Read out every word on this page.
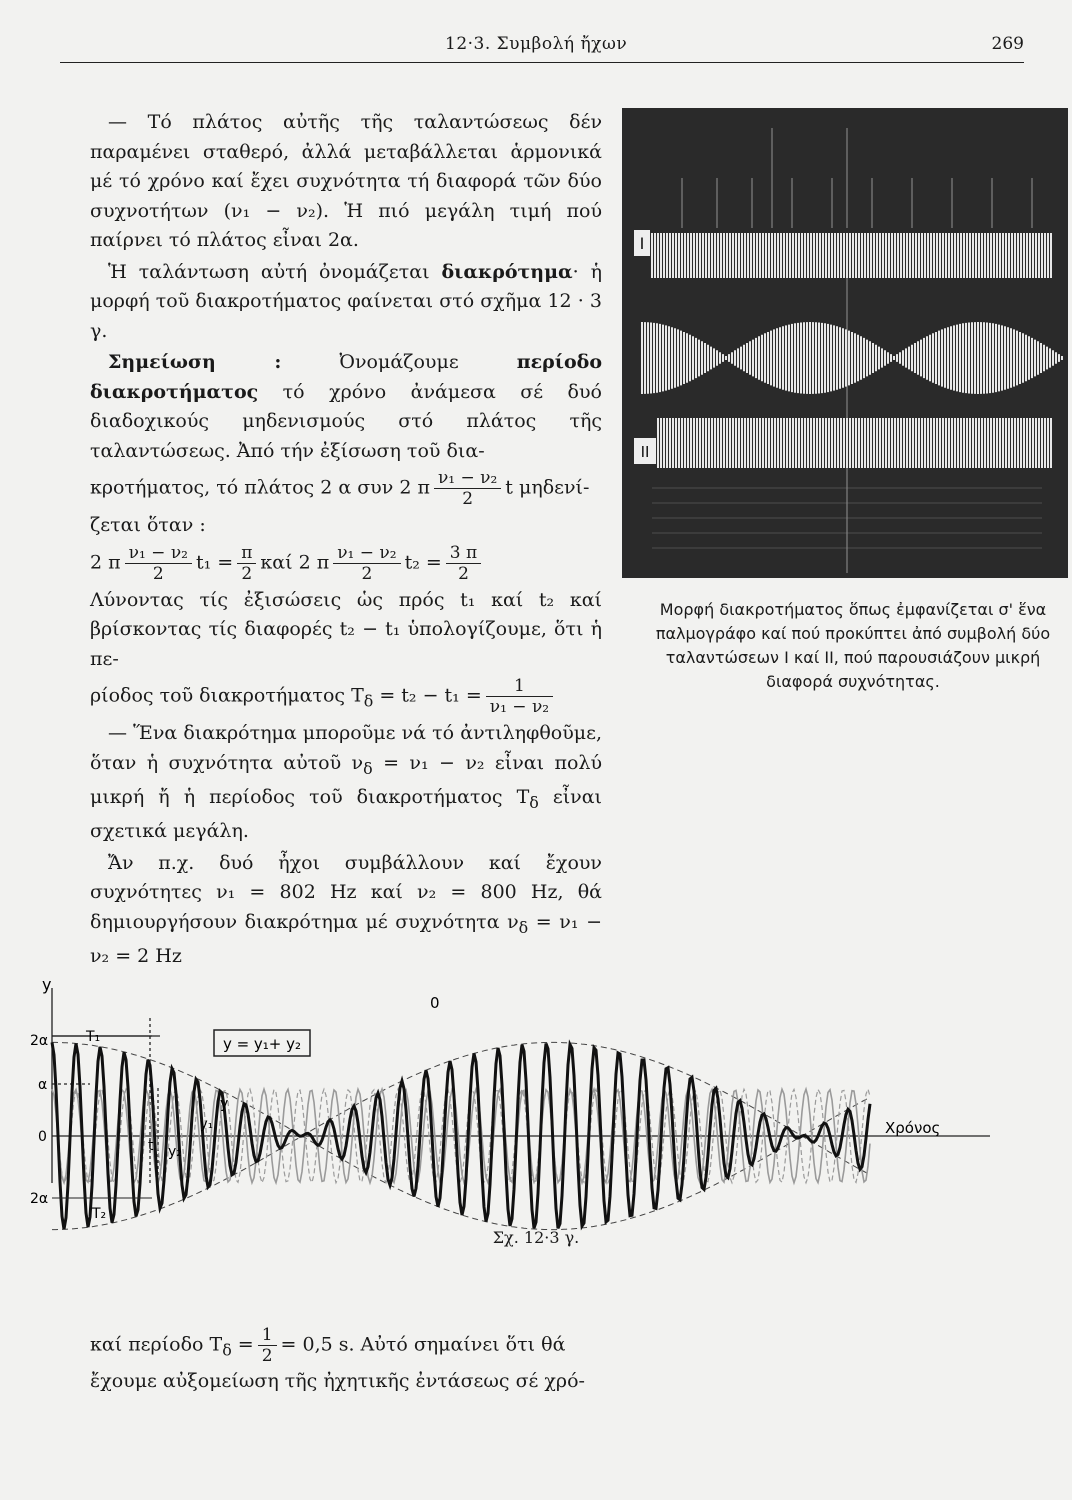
12·3. Συμβολή ἤχων	269

— Τό πλάτος αὐτῆς τῆς ταλαντώσεως δέν παραμένει σταθερό, ἀλλά μεταβάλλεται ἁρμονικά μέ τό χρόνο καί ἔχει συχνότητα τή διαφορά τῶν δύο συχνοτήτων (ν₁ − ν₂). Ἡ πιό μεγάλη τιμή πού παίρνει τό πλάτος εἶναι 2α.

Ἡ ταλάντωση αὐτή ὀνομάζεται διακρότημα· ἡ μορφή τοῦ διακροτήματος φαίνεται στό σχῆμα 12 · 3 γ.

Σημείωση : Ὀνομάζουμε περίοδο διακροτήματος τό χρόνο ἀνάμεσα σέ δυό διαδοχικούς μηδενισμούς στό πλάτος τῆς ταλαντώσεως. Ἀπό τήν ἐξίσωση τοῦ δια-

κροτήματος, τό πλάτος 2 α συν 2 π $\frac{\text{ν₁ − ν₂}}{2}$ t μηδενί-

ζεται ὅταν :

2 π $\frac{\text{ν₁ − ν₂}}{2} t_1 = \frac{\pi}{2}$ καί 2 π $\frac{\text{ν₁ − ν₂}}{2} t_2 = \frac{3 \pi}{2}$

Λύνοντας τίς ἐξισώσεις ὡς πρός t₁ καί t₂ καί βρίσκοντας τίς διαφορές t₂ − t₁ ὑπολογίζουμε, ὅτι ἡ πε-

ρίοδος τοῦ διακροτήματος $T_\delta = t_2 - t_1 = \frac{1}{\text{ν₁ − ν₂}}$

— Ἕνα διακρότημα μποροῦμε νά τό ἀντιληφθοῦμε, ὅταν ἡ συχνότητα αὐτοῦ $\nu_\delta = \nu_1 - \nu_2$ εἶναι πολύ μικρή ἤ ἡ περίοδος τοῦ διακροτήματος $T_\delta$ εἶναι σχετικά μεγάλη.

Ἄν π.χ. δυό ἦχοι συμβάλλουν καί ἔχουν συχνότητες ν₁ = 802 Hz καί ν₂ = 800 Hz, θά δημιουργήσουν διακρότημα μέ συχνότητα $\nu_\delta = \nu_1 - \nu_2 = 2$ Hz

I
II
Μορφή διακροτήματος ὅπως ἐμφανίζεται σ' ἕνα παλμογράφο καί πού προκύπτει ἀπό συμβολή δύο ταλαντώσεων I καί II, πού παρουσιάζουν μικρή διαφορά συχνότητας.
y
0
2α
α
0
2α
Χρόνος
T₁	y = y₁+ y₂
y
y₁
t y₂
T₂
Σχ. 12·3 γ.
καί περίοδο $T_\delta = \frac{1}{2} = 0,5$ s. Αὐτό σημαίνει ὅτι θά
ἔχουμε αὐξομείωση τῆς ἠχητικῆς ἐντάσεως σέ χρό-
